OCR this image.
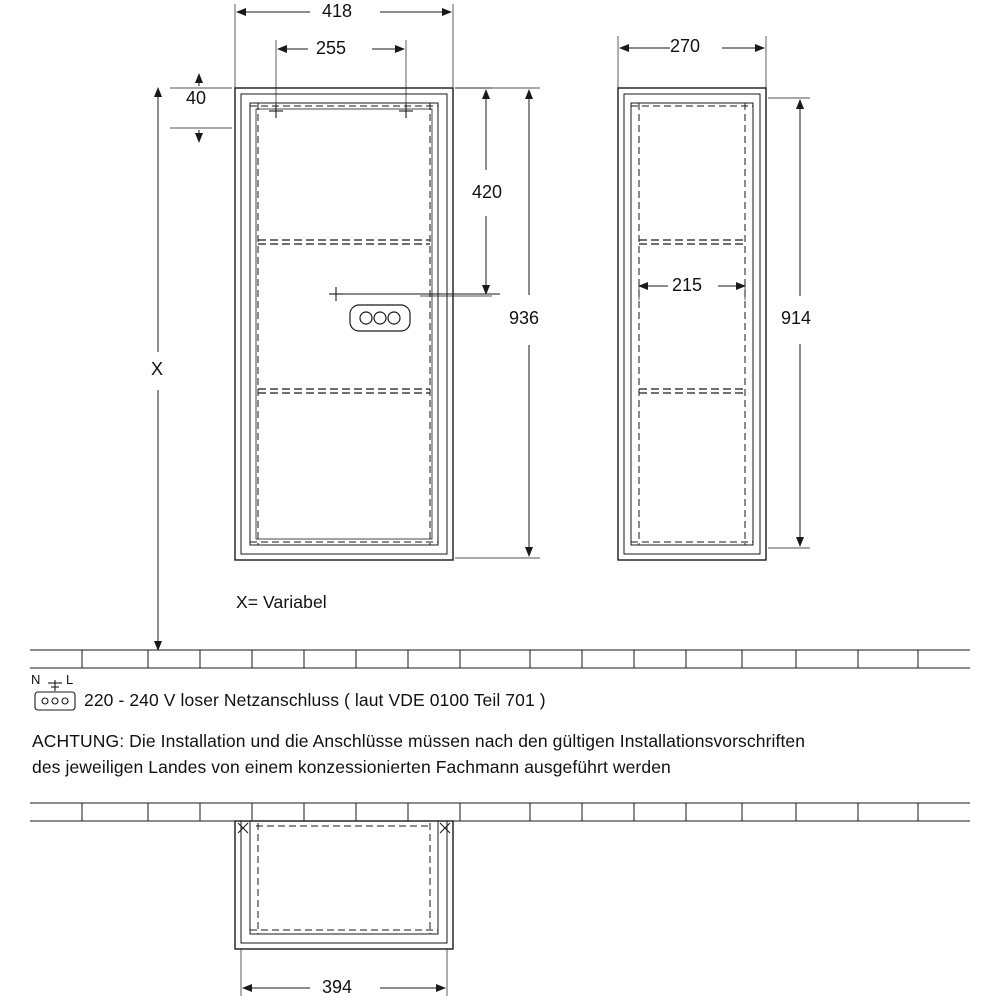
418
255
40
420
936
X
270
215
914
394
X= Variabel
220 - 240 V loser Netzanschluss ( laut VDE 0100 Teil 701 )
ACHTUNG: Die Installation und die Anschlüsse müssen nach den gültigen Installationsvorschriften
des jeweiligen Landes von einem konzessionierten Fachmann ausgeführt werden
N L
